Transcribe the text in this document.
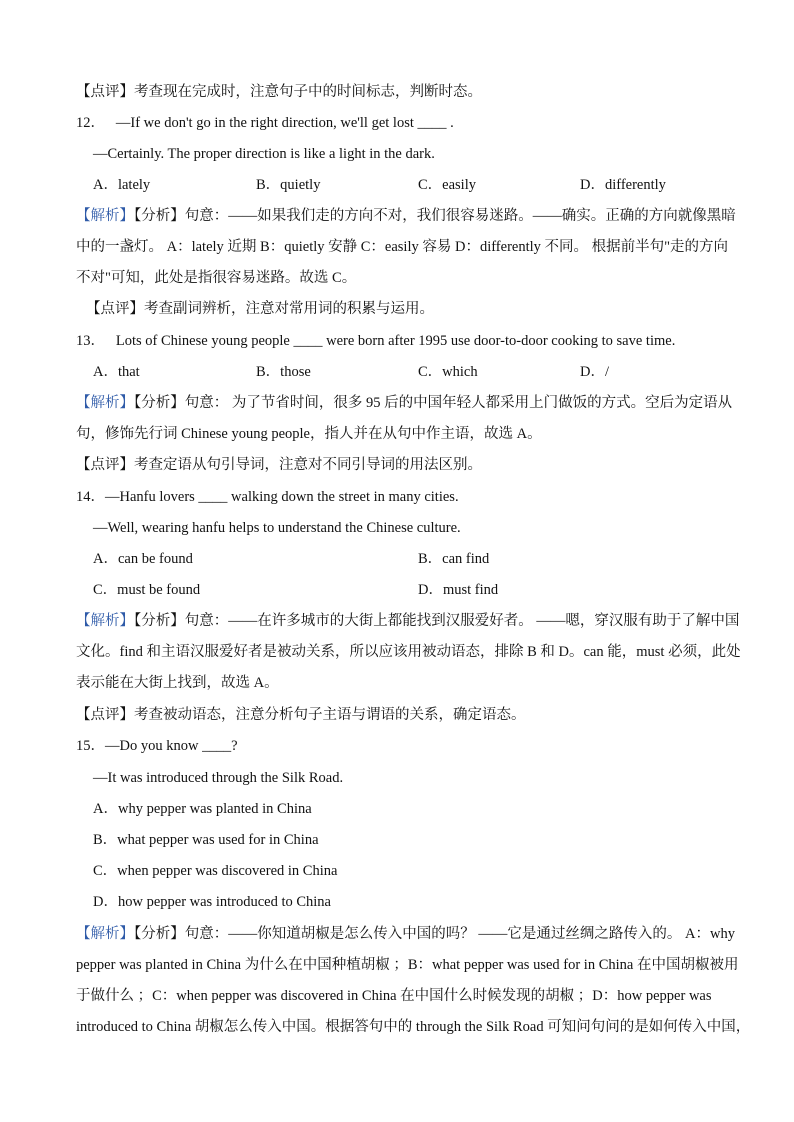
【点评】考查现在完成时，注意句子中的时间标志，判断时态。
12． —If we don't go in the right direction, we'll get lost ____ .
—Certainly. The proper direction is like a light in the dark.
A．lately	B．quietly	C．easily	D．differently
【解析】【分析】句意：——如果我们走的方向不对，我们很容易迷路。——确实。正确的方向就像黑暗
中的一盏灯。 A：lately 近期 B：quietly 安静 C：easily 容易 D：differently 不同。 根据前半句"走的方向
不对"可知，此处是指很容易迷路。故选 C。
【点评】考查副词辨析，注意对常用词的积累与运用。
13． Lots of Chinese young people ____ were born after 1995 use door-to-door cooking to save time.
A．that	B．those	C．which	D．/
【解析】【分析】句意： 为了节省时间，很多 95 后的中国年轻人都采用上门做饭的方式。空后为定语从
句，修饰先行词 Chinese young people，指人并在从句中作主语，故选 A。
【点评】考查定语从句引导词，注意对不同引导词的用法区别。
14．—Hanfu lovers ____ walking down the street in many cities.
—Well, wearing hanfu helps to understand the Chinese culture.
A．can be found	B．can find
C．must be found	D．must find
【解析】【分析】句意：——在许多城市的大街上都能找到汉服爱好者。 ——嗯，穿汉服有助于了解中国
文化。find 和主语汉服爱好者是被动关系，所以应该用被动语态，排除 B 和 D。can 能，must 必须，此处
表示能在大街上找到，故选 A。
【点评】考查被动语态，注意分析句子主语与谓语的关系，确定语态。
15．—Do you know ____?
—It was introduced through the Silk Road.
A．why pepper was planted in China
B．what pepper was used for in China
C．when pepper was discovered in China
D．how pepper was introduced to China
【解析】【分析】句意：——你知道胡椒是怎么传入中国的吗？ ——它是通过丝绸之路传入的。 A：why
pepper was planted in China 为什么在中国种植胡椒 ；B：what pepper was used for in China 在中国胡椒被用
于做什么 ；C：when pepper was discovered in China 在中国什么时候发现的胡椒 ；D：how pepper was
introduced to China 胡椒怎么传入中国。根据答句中的 through the Silk Road 可知问句问的是如何传入中国，
